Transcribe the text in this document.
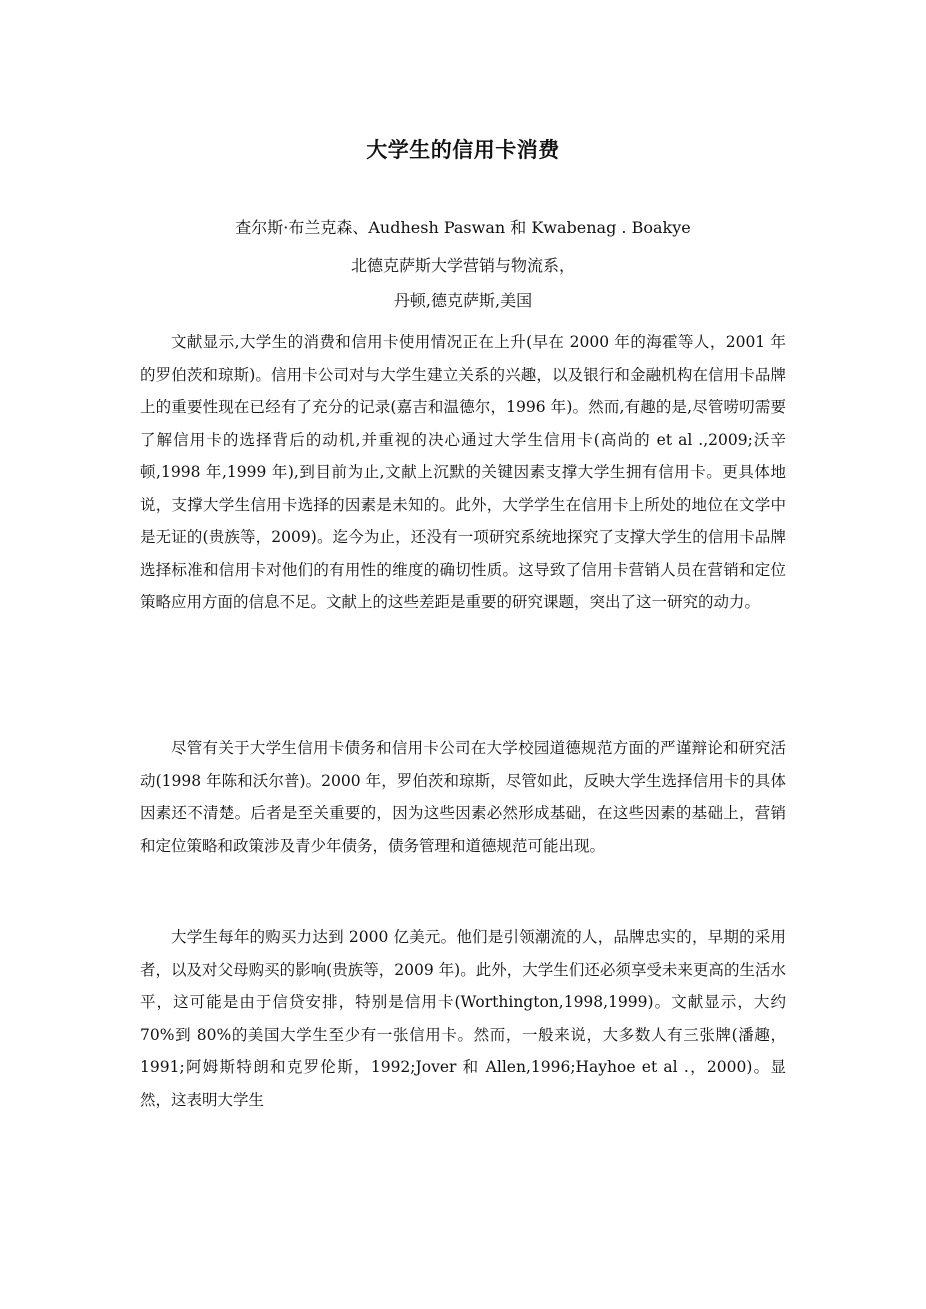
大学生的信用卡消费
查尔斯·布兰克森、Audhesh Paswan 和 Kwabenag . Boakye
北德克萨斯大学营销与物流系，
丹顿,德克萨斯,美国

文献显示,大学生的消费和信用卡使用情况正在上升(早在 2000 年的海霍等人，2001 年的罗伯茨和琼斯)。信用卡公司对与大学生建立关系的兴趣，以及银行和金融机构在信用卡品牌上的重要性现在已经有了充分的记录(嘉吉和温德尔，1996 年)。然而,有趣的是,尽管唠叨需要了解信用卡的选择背后的动机,并重视的决心通过大学生信用卡(高尚的 et al .,2009;沃辛顿,1998 年,1999 年),到目前为止,文献上沉默的关键因素支撑大学生拥有信用卡。更具体地说，支撑大学生信用卡选择的因素是未知的。此外，大学学生在信用卡上所处的地位在文学中是无证的(贵族等，2009)。迄今为止，还没有一项研究系统地探究了支撑大学生的信用卡品牌选择标准和信用卡对他们的有用性的维度的确切性质。这导致了信用卡营销人员在营销和定位策略应用方面的信息不足。文献上的这些差距是重要的研究课题，突出了这一研究的动力。

尽管有关于大学生信用卡债务和信用卡公司在大学校园道德规范方面的严谨辩论和研究活动(1998 年陈和沃尔普)。2000 年，罗伯茨和琼斯，尽管如此，反映大学生选择信用卡的具体因素还不清楚。后者是至关重要的，因为这些因素必然形成基础，在这些因素的基础上，营销和定位策略和政策涉及青少年债务，债务管理和道德规范可能出现。

大学生每年的购买力达到 2000 亿美元。他们是引领潮流的人，品牌忠实的，早期的采用者，以及对父母购买的影响(贵族等，2009 年)。此外，大学生们还必须享受未来更高的生活水平，这可能是由于信贷安排，特别是信用卡(Worthington,1998,1999)。文献显示，大约 70%到 80%的美国大学生至少有一张信用卡。然而，一般来说，大多数人有三张牌(潘趣，1991;阿姆斯特朗和克罗伦斯，1992;Jover 和 Allen,1996;Hayhoe et al .，2000)。显然，这表明大学生
